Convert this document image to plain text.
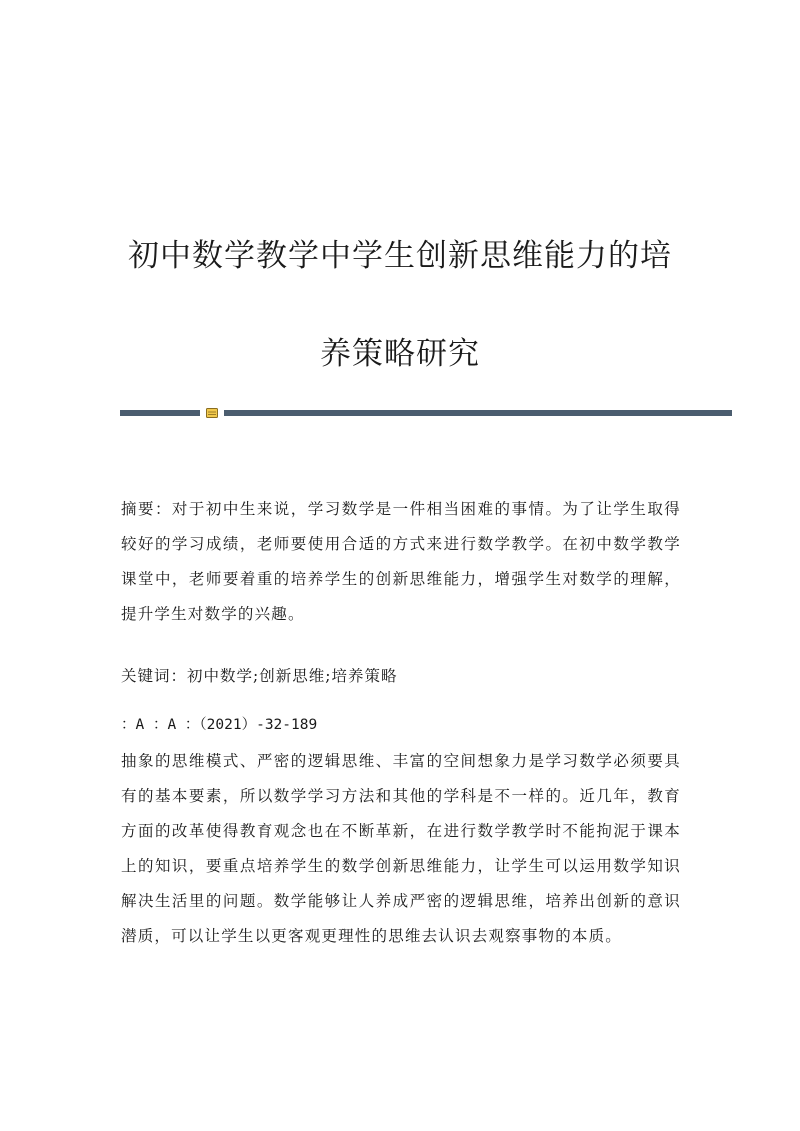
初中数学教学中学生创新思维能力的培
养策略研究

摘要：对于初中生来说，学习数学是一件相当困难的事情。为了让学生取得较好的学习成绩，老师要使用合适的方式来进行数学教学。在初中数学教学课堂中，老师要着重的培养学生的创新思维能力，增强学生对数学的理解，提升学生对数学的兴趣。

关键词：初中数学;创新思维;培养策略

：A ：A ：（2021）-32-189

抽象的思维模式、严密的逻辑思维、丰富的空间想象力是学习数学必须要具有的基本要素，所以数学学习方法和其他的学科是不一样的。近几年，教育方面的改革使得教育观念也在不断革新，在进行数学教学时不能拘泥于课本上的知识，要重点培养学生的数学创新思维能力，让学生可以运用数学知识解决生活里的问题。数学能够让人养成严密的逻辑思维，培养出创新的意识潜质，可以让学生以更客观更理性的思维去认识去观察事物的本质。
